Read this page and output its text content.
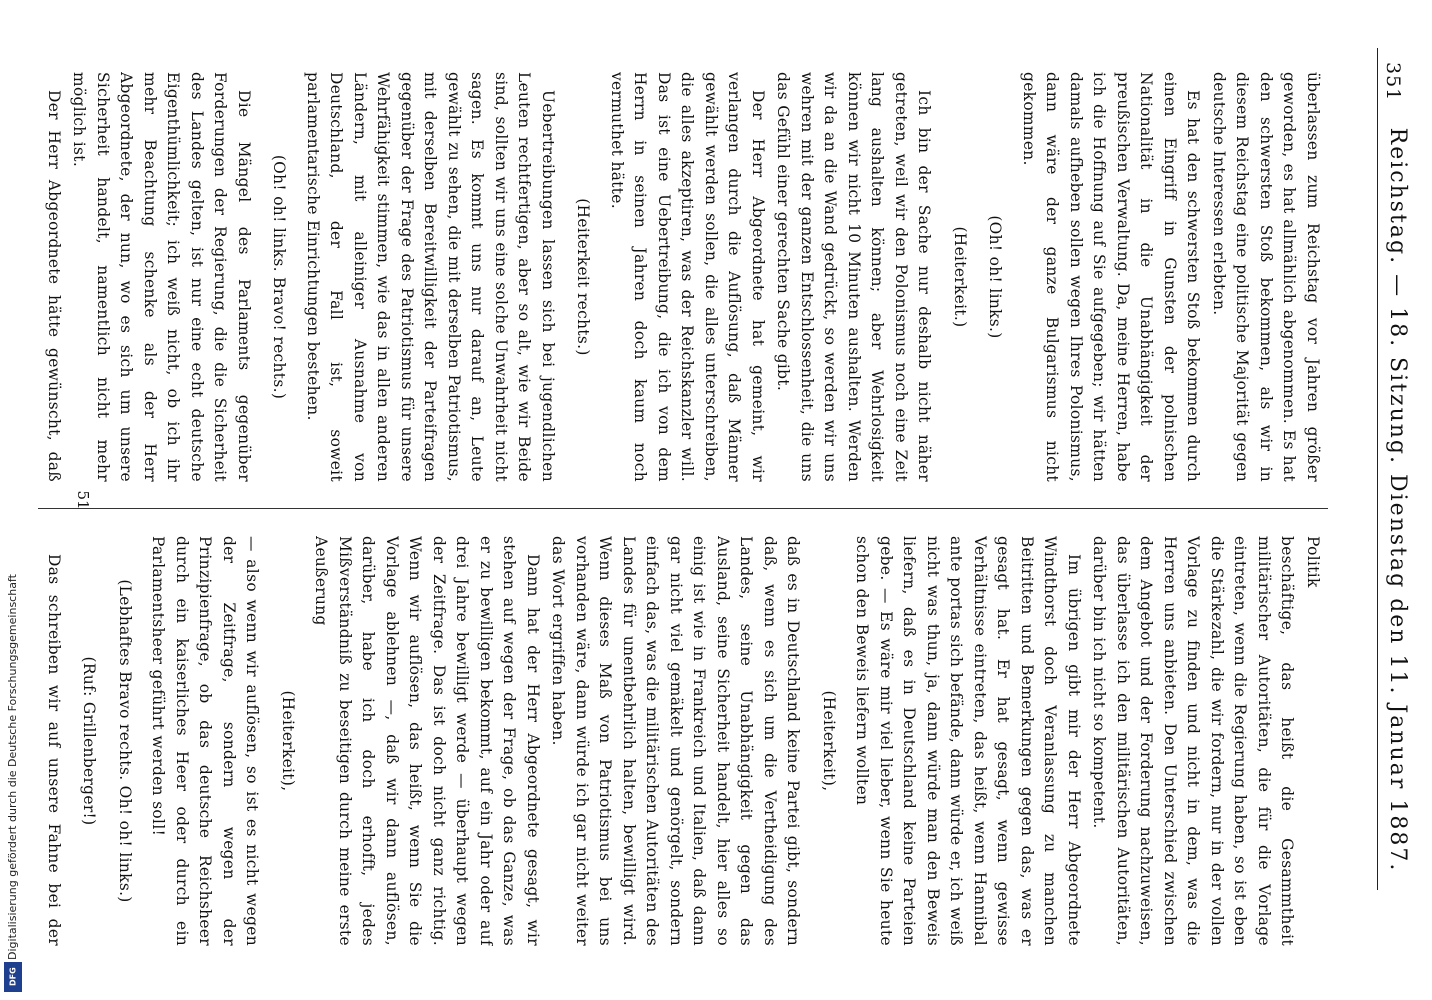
Reichstag. — 18. Sitzung. Dienstag den 11. Januar 1887.
351

überlassen zum Reichstag vor Jahren größer geworden, es hat allmählich abgenommen. Es hat den schwersten Stoß bekommen, als wir in diesem Reichstag eine politische Majorität gegen deutsche Interessen erlebten.

Es hat den schwersten Stoß bekommen durch einen Eingriff in Gunsten der polnischen Nationalität in die Unabhängigkeit der preußischen Verwaltung. Da, meine Herren, habe ich die Hoffnung auf Sie aufgegeben; wir hätten damals aufheben sollen wegen Ihres Polonismus, dann wäre der ganze Bulgarismus nicht gekommen.

(Oh! oh! links.)

(Heiterkeit.)

Ich bin der Sache nur deshalb nicht näher getreten, weil wir den Polonismus noch eine Zeit lang aushalten können; aber Wehrlosigkeit können wir nicht 10 Minuten aushalten. Werden wir da an die Wand gedrückt, so werden wir uns wehren mit der ganzen Entschlossenheit, die uns das Gefühl einer gerechten Sache gibt.

Der Herr Abgeordnete hat gemeint, wir verlangen durch die Auflösung, daß Männer gewählt werden sollen, die alles unterschreiben, die alles akzeptiren, was der Reichskanzler will. Das ist eine Uebertreibung, die ich von dem Herrn in seinen Jahren doch kaum noch vermuthet hätte.

(Heiterkeit rechts.)

Uebertreibungen lassen sich bei jugendlichen Leuten rechtfertigen, aber so alt, wie wir Beide sind, sollten wir uns eine solche Unwahrheit nicht sagen. Es kommt uns nur darauf an, Leute gewählt zu sehen, die mit derselben Patriotismus, mit derselben Bereitwilligkeit der Parteifragen gegenüber der Frage des Patriotismus für unsere Wehrfähigkeit stimmen, wie das in allen anderen Ländern, mit alleiniger Ausnahme von Deutschland, der Fall ist, soweit parlamentarische Einrichtungen bestehen.

(Oh! oh! links. Bravo! rechts.)

Die Mängel des Parlaments gegenüber Forderungen der Regierung, die die Sicherheit des Landes gelten, ist nur eine echt deutsche Eigenthümlichkeit; ich weiß nicht, ob ich ihr mehr Beachtung schenke als der Herr Abgeordnete, der nun, wo es sich um unsere Sicherheit handelt, namentlich nicht mehr möglich ist.

Der Herr Abgeordnete hätte gewünscht, daß

Politik

beschäftige, das heißt die Gesammtheit militärischer Autoritäten, die für die Vorlage eintreten, wenn die Regierung haben, so ist eben die Stärkezahl, die wir fordern, nur in der vollen Vorlage zu finden und nicht in dem, was die Herren uns anbieten. Den Unterschied zwischen dem Angebot und der Forderung nachzuweisen, das überlasse ich den militärischen Autoritäten, darüber bin ich nicht so kompetent.

Im übrigen gibt mir der Herr Abgeordnete Windthorst doch Veranlassung zu manchen Beitritten und Bemerkungen gegen das, was er gesagt hat. Er hat gesagt, wenn gewisse Verhältnisse eintreten, das heißt, wenn Hannibal ante portas sich befände, dann würde er, ich weiß nicht was thun, ja, dann würde man den Beweis liefern, daß es in Deutschland keine Parteien gebe. — Es wäre mir viel lieber, wenn Sie heute schon den Beweis liefern wollten

(Heiterkeit),

daß es in Deutschland keine Partei gibt, sondern daß, wenn es sich um die Vertheidigung des Landes, seine Unabhängigkeit gegen das Ausland, seine Sicherheit handelt, hier alles so einig ist wie in Frankreich und Italien, daß dann gar nicht viel gemäkelt und genörgelt, sondern einfach das, was die militärischen Autoritäten des Landes für unentbehrlich halten, bewilligt wird. Wenn dieses Maß von Patriotismus bei uns vorhanden wäre, dann würde ich gar nicht weiter das Wort ergriffen haben.

Dann hat der Herr Abgeordnete gesagt, wir stehen auf wegen der Frage, ob das Ganze, was er zu bewilligen bekommt, auf ein Jahr oder auf drei Jahre bewilligt werde — überhaupt wegen der Zeitfrage. Das ist doch nicht ganz richtig. Wenn wir auflösen, das heißt, wenn Sie die Vorlage ablehnen —, daß wir dann auflösen, darüber, habe ich doch erhofft, jedes Mißverständniß zu beseitigen durch meine erste Aeußerung

(Heiterkeit),

— also wenn wir auflösen, so ist es nicht wegen der Zeitfrage, sondern wegen der Prinzipienfrage, ob das deutsche Reichsheer durch ein kaiserliches Heer oder durch ein Parlamentsheer geführt werden soll!

(Lebhaftes Bravo rechts. Oh! oh! links.)

(Ruf: Grillenberger!)

Das schreiben wir auf unsere Fahne bei der

51
Digitalisierung gefördert durch die Deutsche Forschungsgemeinschaft
DFG
